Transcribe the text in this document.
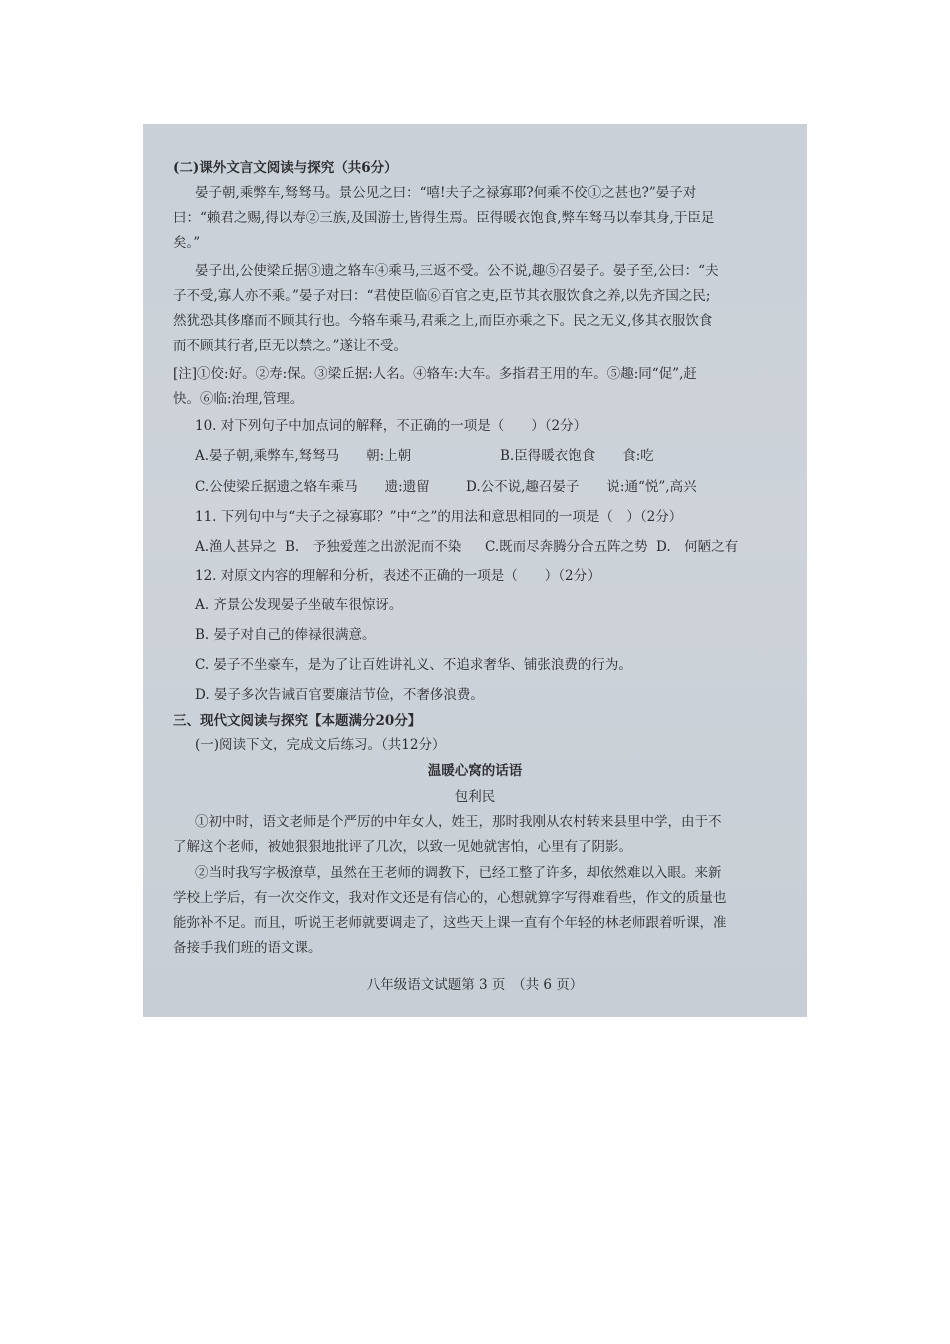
(二)课外文言文阅读与探究（共6分）
晏子朝,乘弊车,驽驽马。景公见之曰：“嘻!夫子之禄寡耶?何乘不佼①之甚也?”晏子对
曰：“赖君之赐,得以寿②三族,及国游士,皆得生焉。臣得暖衣饱食,弊车驽马以奉其身,于臣足
矣。”
晏子出,公使梁丘据③遗之辂车④乘马,三返不受。公不说,趣⑤召晏子。晏子至,公曰：“夫
子不受,寡人亦不乘。”晏子对曰：“君使臣临⑥百官之吏,臣节其衣服饮食之养,以先齐国之民;
然犹恐其侈靡而不顾其行也。今辂车乘马,君乘之上,而臣亦乘之下。民之无义,侈其衣服饮食
而不顾其行者,臣无以禁之。”遂让不受。
[注]①佼:好。②寿:保。③梁丘据:人名。④辂车:大车。多指君王用的车。⑤趣:同“促”,赶
快。⑥临:治理,管理。
10. 对下列句子中加点词的解释，不正确的一项是（　　）（2分）
A.晏子朝,乘弊车,驽驽马　　朝:上朝	B.臣得暖衣饱食　　食:吃
C.公使梁丘据遗之辂车乘马　　遗:遗留	D.公不说,趣召晏子　　说:通“悦”,高兴
11. 下列句中与“夫子之禄寡耶？”中“之”的用法和意思相同的一项是（　）（2分）
A.渔人甚异之 B.　予独爱莲之出淤泥而不染 C.既而尽奔腾分合五阵之势 D.　何陋之有
12. 对原文内容的理解和分析，表述不正确的一项是（　　）（2分）
A. 齐景公发现晏子坐破车很惊讶。
B. 晏子对自己的俸禄很满意。
C. 晏子不坐豪车，是为了让百姓讲礼义、不追求奢华、铺张浪费的行为。
D. 晏子多次告诫百官要廉洁节俭，不奢侈浪费。
三、现代文阅读与探究【本题满分20分】
(一)阅读下文，完成文后练习。（共12分）
温暖心窝的话语
包利民
①初中时，语文老师是个严厉的中年女人，姓王，那时我刚从农村转来县里中学，由于不
了解这个老师，被她狠狠地批评了几次，以致一见她就害怕，心里有了阴影。
②当时我写字极潦草，虽然在王老师的调教下，已经工整了许多，却依然难以入眼。来新
学校上学后，有一次交作文，我对作文还是有信心的，心想就算字写得难看些，作文的质量也
能弥补不足。而且，听说王老师就要调走了，这些天上课一直有个年轻的林老师跟着听课，准
备接手我们班的语文课。
八年级语文试题第 3 页　（共 6 页）
